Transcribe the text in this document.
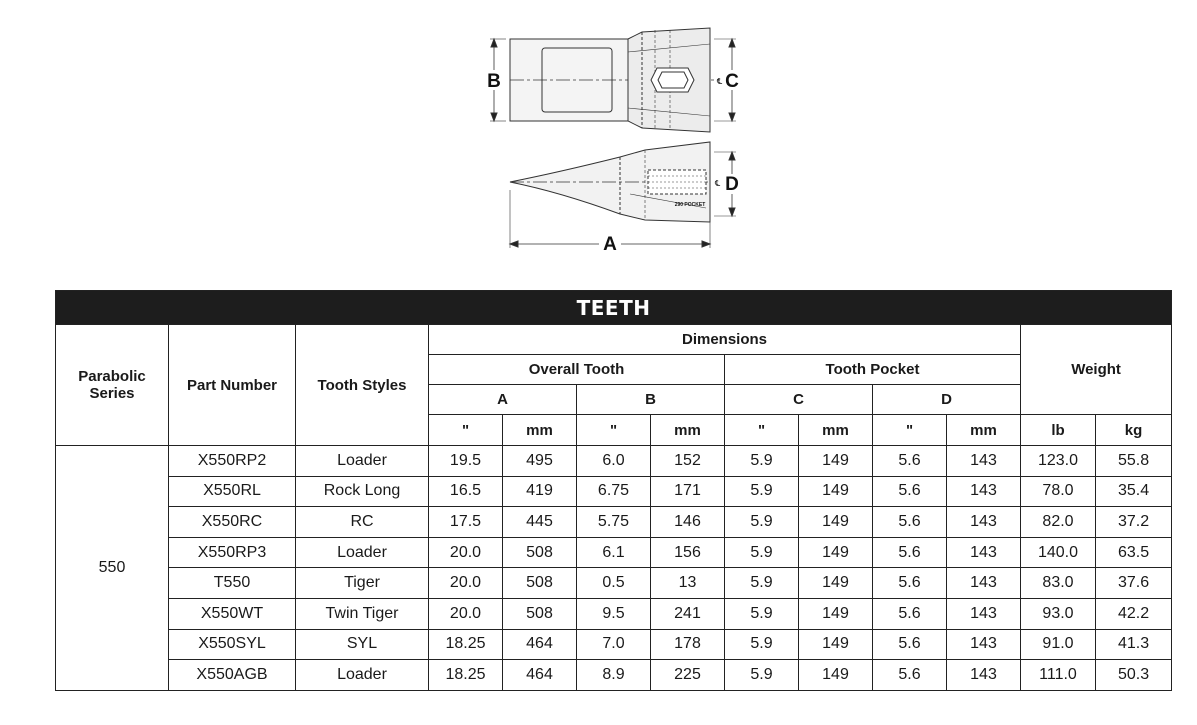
B	C
D
A
290 POCKET
℄
℄
TEETH												
Parabolic Series	Part Number	Tooth Styles	Dimensions								Weight	
			Overall Tooth				Tooth Pocket					
			A		B		C		D			
			"	mm	"	mm	"	mm	"	mm	lb	kg
550	X550RP2	Loader	19.5	495	6.0	152	5.9	149	5.6	143	123.0	55.8
	X550RL	Rock Long	16.5	419	6.75	171	5.9	149	5.6	143	78.0	35.4
	X550RC	RC	17.5	445	5.75	146	5.9	149	5.6	143	82.0	37.2
	X550RP3	Loader	20.0	508	6.1	156	5.9	149	5.6	143	140.0	63.5
	T550	Tiger	20.0	508	0.5	13	5.9	149	5.6	143	83.0	37.6
	X550WT	Twin Tiger	20.0	508	9.5	241	5.9	149	5.6	143	93.0	42.2
	X550SYL	SYL	18.25	464	7.0	178	5.9	149	5.6	143	91.0	41.3
	X550AGB	Loader	18.25	464	8.9	225	5.9	149	5.6	143	111.0	50.3
